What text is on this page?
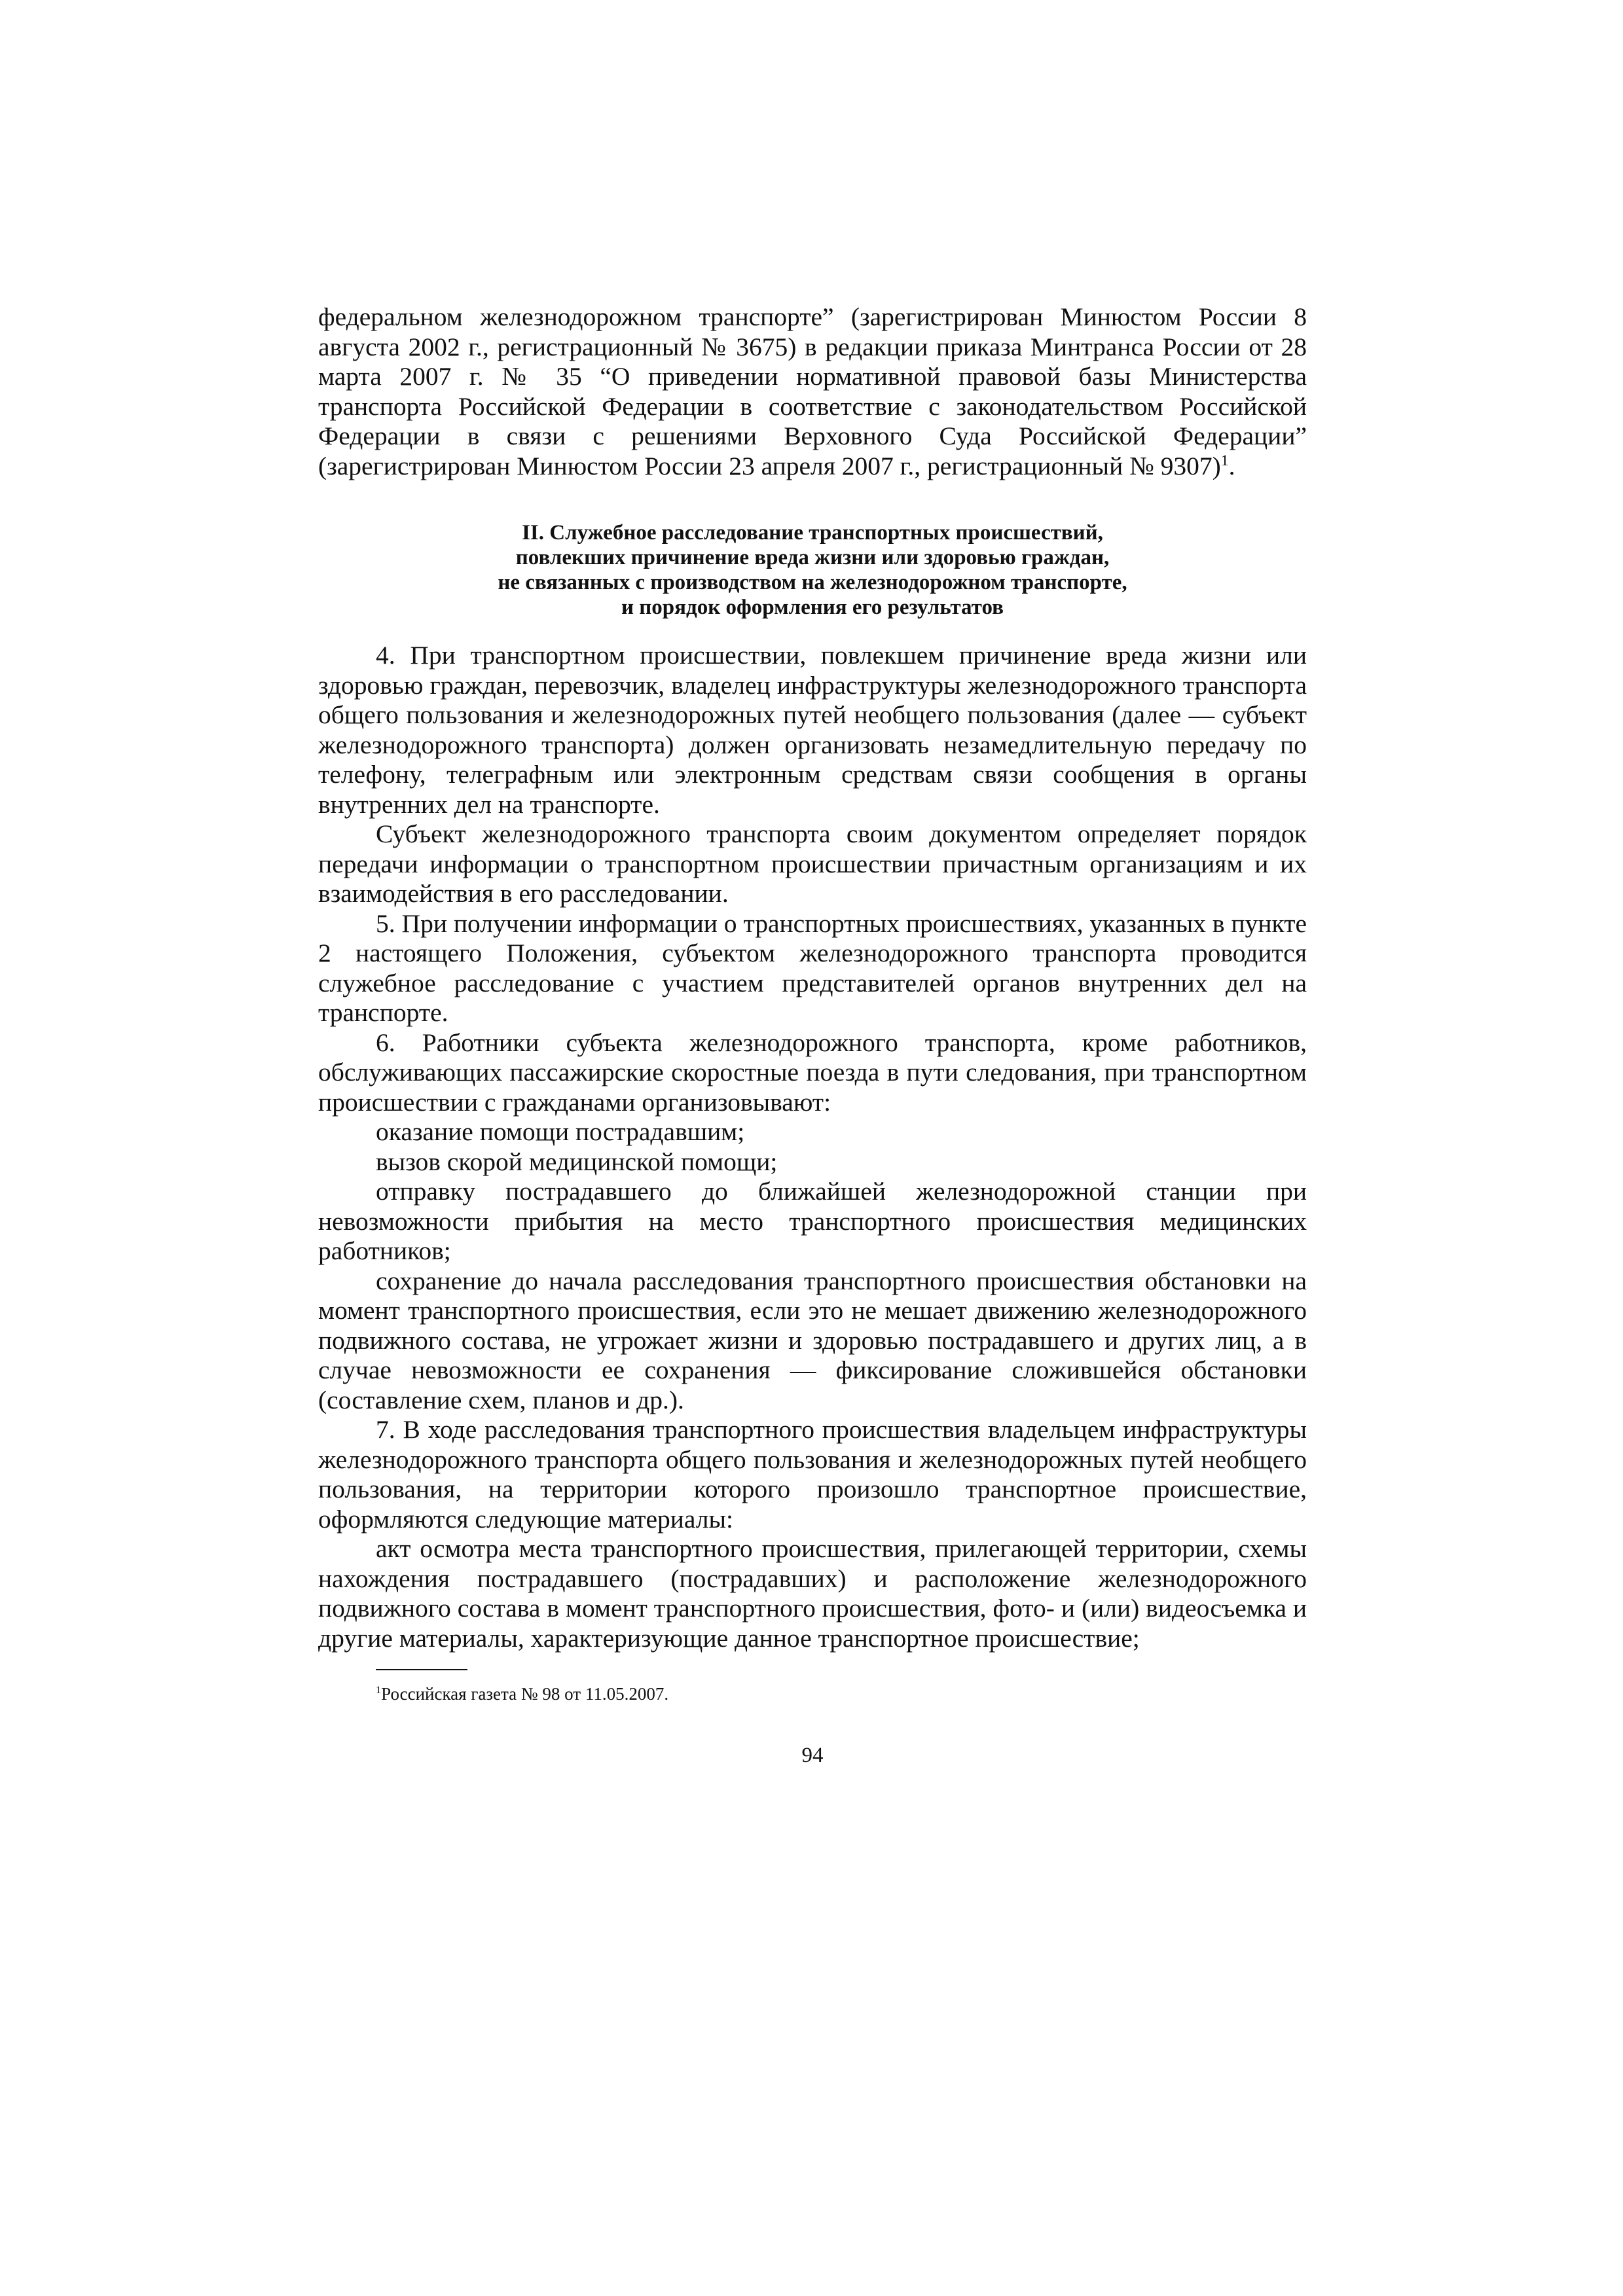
федеральном железнодорожном транспорте” (зарегистрирован Минюстом России 8 августа 2002 г., регистрационный № 3675) в редакции приказа Минтранса России от 28 марта 2007 г. № 35 “О приведении нормативной правовой базы Министерства транспорта Российской Федерации в соответствие с законодательством Российской Федерации в связи с решениями Верховного Суда Российской Федерации” (зарегистрирован Минюстом России 23 апреля 2007 г., регистрационный № 9307)$^1$.

II. Служебное расследование транспортных происшествий,
повлекших причинение вреда жизни или здоровью граждан,
не связанных с производством на железнодорожном транспорте,
и порядок оформления его результатов

4. При транспортном происшествии, повлекшем причинение вреда жизни или здоровью граждан, перевозчик, владелец инфраструктуры железнодорожного транспорта общего пользования и железнодорожных путей необщего пользования (далее — субъект железнодорожного транспорта) должен организовать незамедлительную передачу по телефону, телеграфным или электронным средствам связи сообщения в органы внутренних дел на транспорте.

Субъект железнодорожного транспорта своим документом определяет порядок передачи информации о транспортном происшествии причастным организациям и их взаимодействия в его расследовании.

5. При получении информации о транспортных происшествиях, указанных в пункте 2 настоящего Положения, субъектом железнодорожного транспорта проводится служебное расследование с участием представителей органов внутренних дел на транспорте.

6. Работники субъекта железнодорожного транспорта, кроме работников, обслуживающих пассажирские скоростные поезда в пути следования, при транспортном происшествии с гражданами организовывают:

оказание помощи пострадавшим;

вызов скорой медицинской помощи;

отправку пострадавшего до ближайшей железнодорожной станции при невозможности прибытия на место транспортного происшествия медицинских работников;

сохранение до начала расследования транспортного происшествия обстановки на момент транспортного происшествия, если это не мешает движению железнодорожного подвижного состава, не угрожает жизни и здоровью пострадавшего и других лиц, а в случае невозможности ее сохранения — фиксирование сложившейся обстановки (составление схем, планов и др.).

7. В ходе расследования транспортного происшествия владельцем инфраструктуры железнодорожного транспорта общего пользования и железнодорожных путей необщего пользования, на территории которого произошло транспортное происшествие, оформляются следующие материалы:

акт осмотра места транспортного происшествия, прилегающей территории, схемы нахождения пострадавшего (пострадавших) и расположение железнодорожного подвижного состава в момент транспортного происшествия, фото- и (или) видеосъемка и другие материалы, характеризующие данное транспортное происшествие;

$^1$Российская газета № 98 от 11.05.2007.

94
